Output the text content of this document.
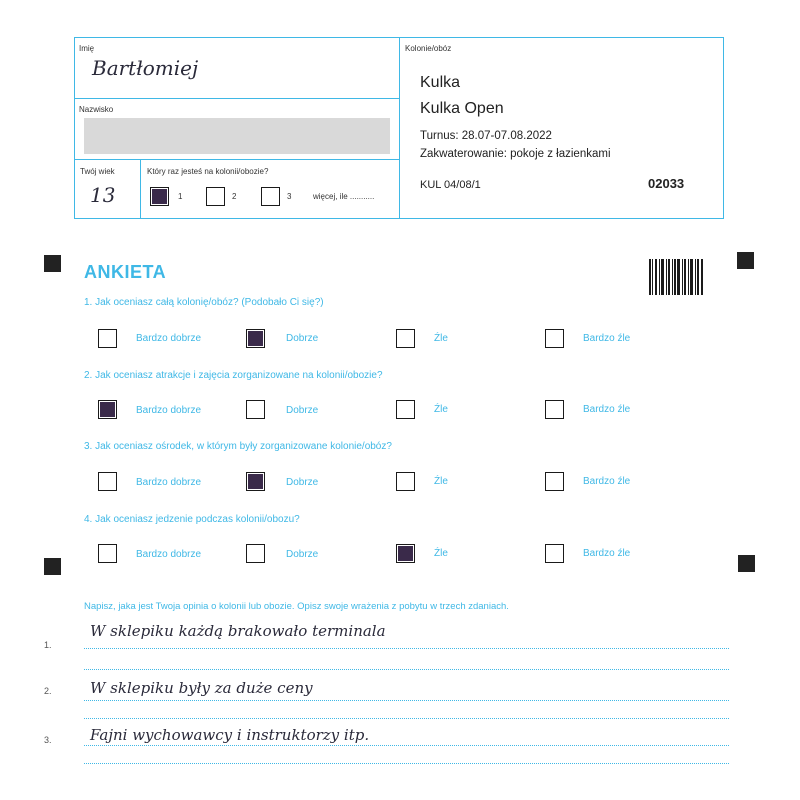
Imię
Bartłomiej
Nazwisko
Twój wiek
13
Który raz jesteś na kolonii/obozie?
1	2	3	więcej, ile ...........
Kolonie/obóz
Kulka
Kulka Open
Turnus: 28.07-07.08.2022
Zakwaterowanie: pokoje z łazienkami
KUL 04/08/1	02033
ANKIETA
1. Jak oceniasz całą kolonię/obóz? (Podobało Ci się?)
Bardzo dobrze	Dobrze	Źle	Bardzo źle
2. Jak oceniasz atrakcje i zajęcia zorganizowane na kolonii/obozie?
Bardzo dobrze	Dobrze	Źle	Bardzo źle
3. Jak oceniasz ośrodek, w którym były zorganizowane kolonie/obóz?
Bardzo dobrze	Dobrze	Źle	Bardzo źle
4. Jak oceniasz jedzenie podczas kolonii/obozu?
Bardzo dobrze	Dobrze	Źle	Bardzo źle
Napisz, jaka jest Twoja opinia o kolonii lub obozie. Opisz swoje wrażenia z pobytu w trzech zdaniach.
1.
W sklepiku każdą brakowało terminala
2.	W sklepiku były za duże ceny
3.	Fajni wychowawcy i instruktorzy itp.
